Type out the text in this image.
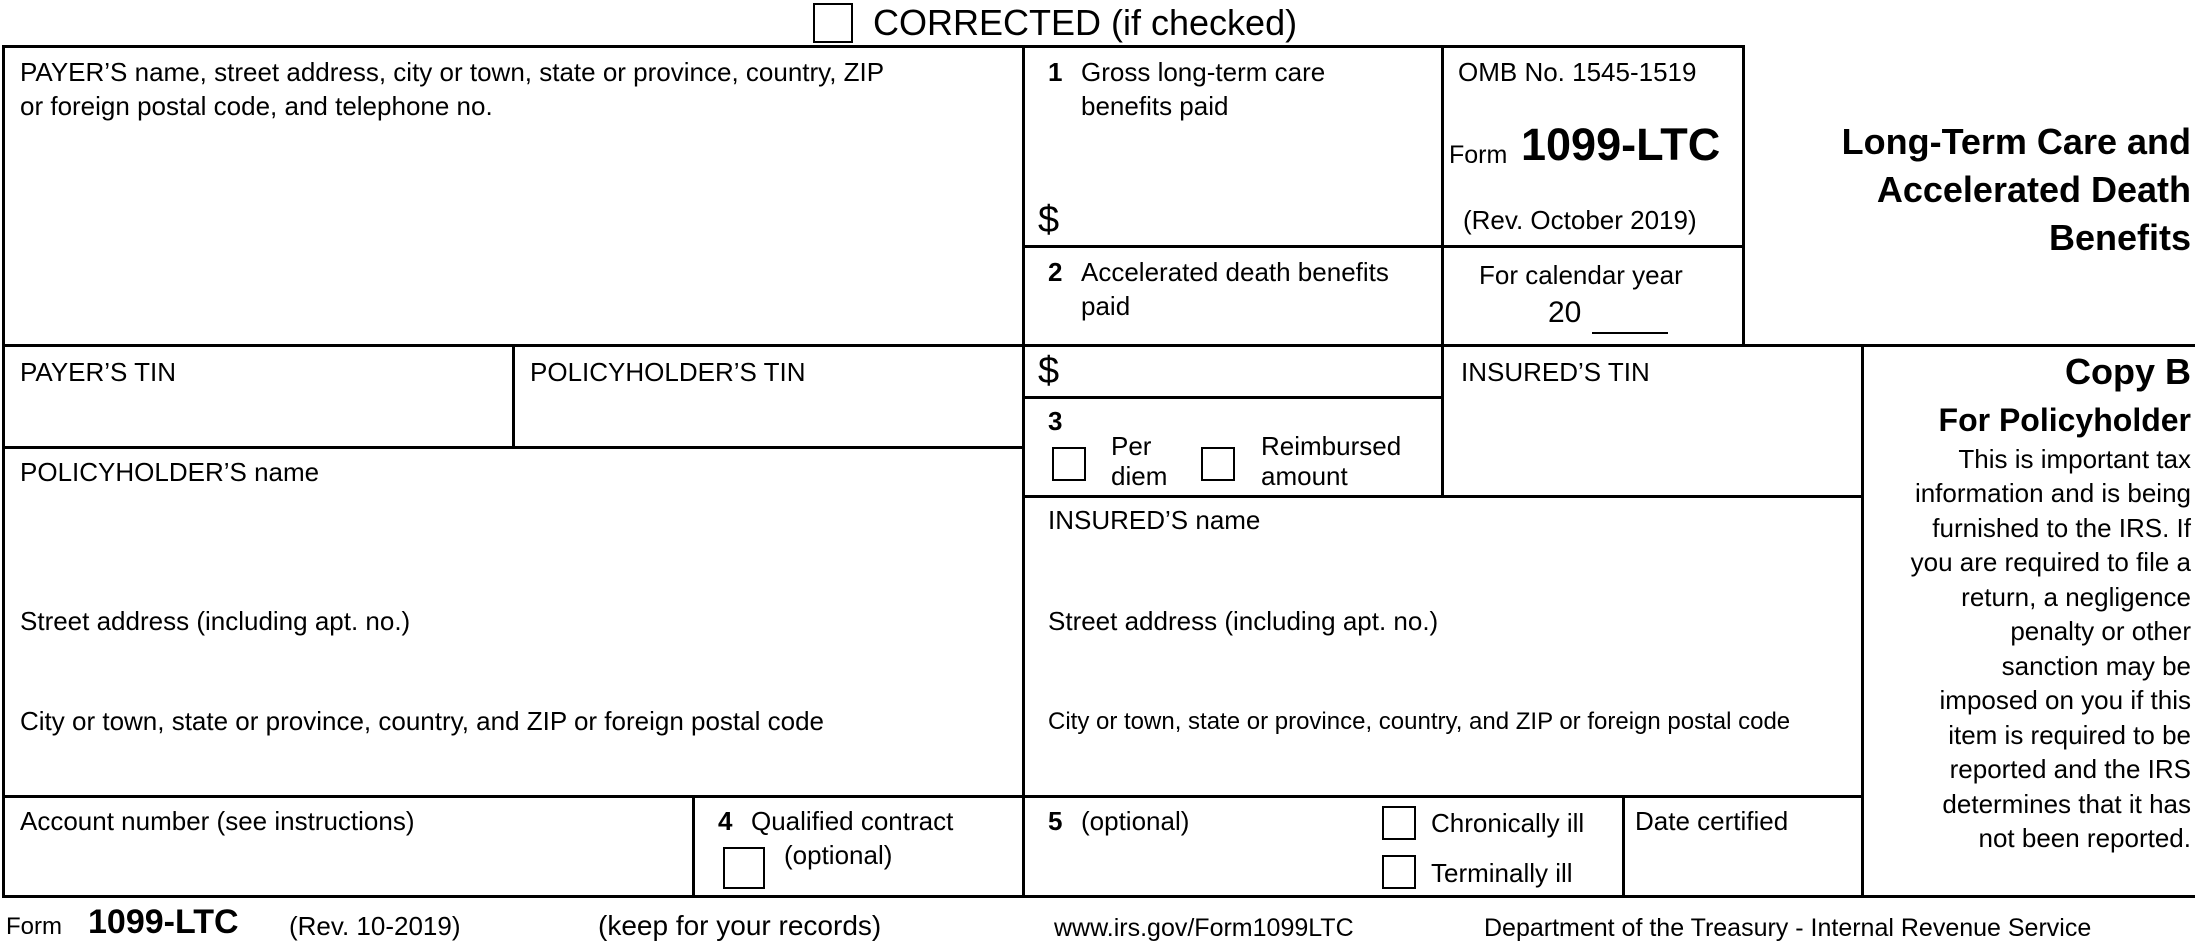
CORRECTED (if checked)
PAYER’S name, street address, city or town, state or province, country, ZIP
or foreign postal code, and telephone no.
1 Gross long-term care
benefits paid
$
OMB No. 1545-1519
Form 1099-LTC
(Rev. October 2019)
For calendar year
20
Long-Term Care and
Accelerated Death
Benefits
2 Accelerated death benefits
paid
$
PAYER’S TIN	POLICYHOLDER’S TIN	INSURED’S TIN
3
Per
diem
Reimbursed
amount
POLICYHOLDER’S name
Street address (including apt. no.)
City or town, state or province, country, and ZIP or foreign postal code
INSURED’S name
Street address (including apt. no.)
City or town, state or province, country, and ZIP or foreign postal code
Copy B
For Policyholder
This is important tax
information and is being
furnished to the IRS. If
you are required to file a
return, a negligence
penalty or other
sanction may be
imposed on you if this
item is required to be
reported and the IRS
determines that it has
not been reported.
Account number (see instructions)	4 Qualified contract
(optional)
5 (optional)	Chronically ill
Terminally ill
Date certified
Form 1099-LTC (Rev. 10-2019)	(keep for your records)	www.irs.gov/Form1099LTC	Department of the Treasury - Internal Revenue Service
